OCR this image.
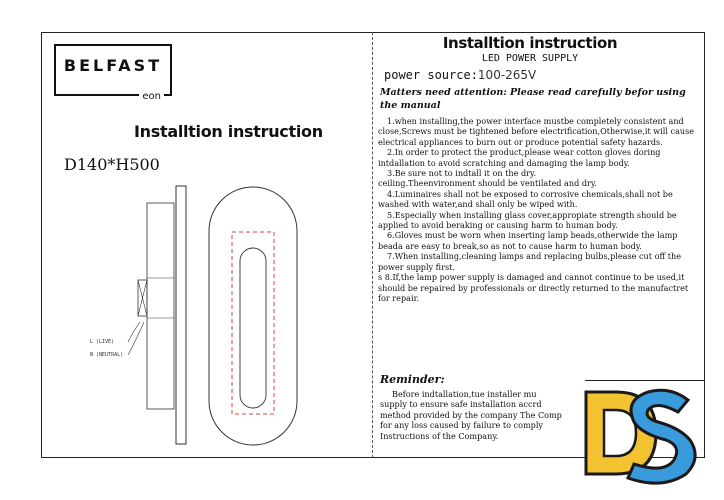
BELFAST
eon
Installtion instruction
D140*H500
L (LIVE)
N (NEUTRAL)
Installtion instruction
LED POWER SUPPLY
power source:100-265V
Matters need attention: Please read carefully befor using the manual

1.when installing,the power interface mustbe completely consistent and close,Screws must be tightened before electrification,Otherwise,it will cause electrical appliances to burn out or produce potential safety hazards.

2.In order to protect the product,please wear cotton gloves doring intdallation to avoid scratching and damaging the lamp body.

3.Be sure not to indtall it on the dry.

ceiling.Theenvironment should be ventilated and dry.

4.Luminaires shall not be exposed to corrosive chemicals,shall not be washed with water,and shall only be wiped with.

5.Especially when installing glass cover,appropiate strength should be applied to avoid beraking or causing harm to human body.

6.Gloves must be worn when inserting lamp beads,otherwide the lamp beada are easy to break,so as not to cause harm to human body.

7.When installing,cleaning lamps and replacing bulbs,please cut off the power supply first.

s 8.If,the lamp power supply is damaged and cannot continue to be used,it should be repaired by professionals or directly returned to the manufactret for repair.

Reminder:

Before indtallation,tue installer mu

supply to ensure safe installation accrd

method provided by the company The Comp

for any loss caused by failure to comply

Instructions of the Company.
